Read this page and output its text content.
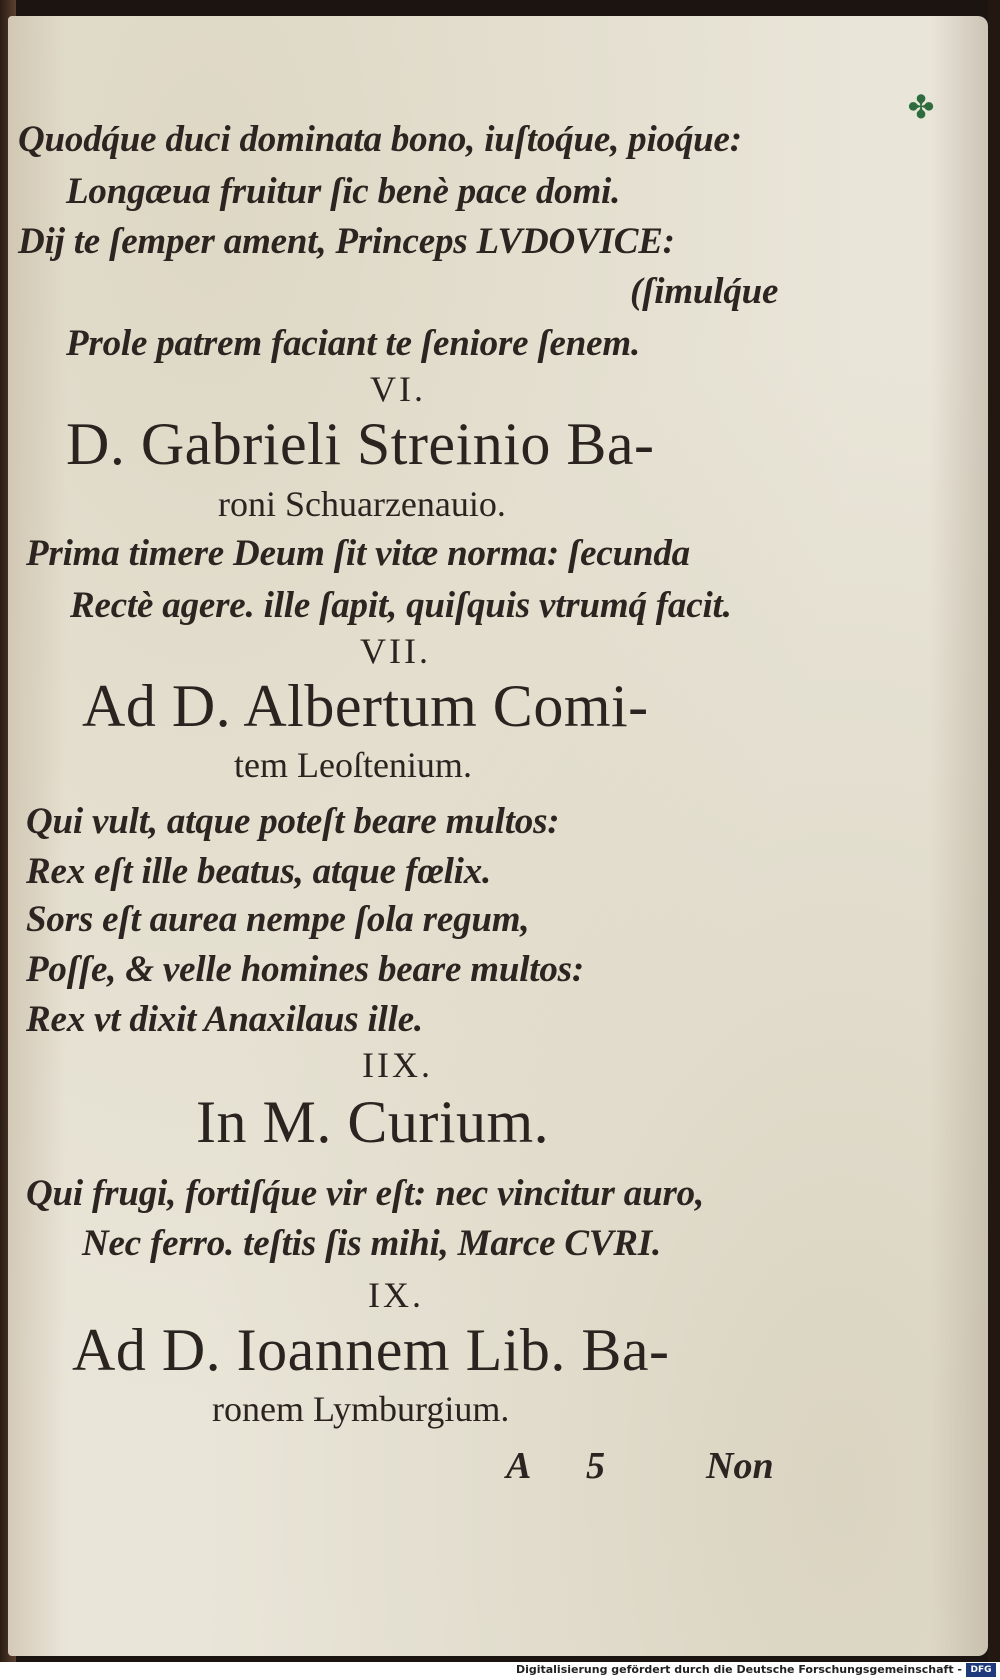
✤
Quodq́ue duci dominata bono, iuſtoq́ue, pioq́ue:
Longæua fruitur ſic benè pace domi.
Dij te ſemper ament, Princeps LVDOVICE:
(ſimulq́ue
Prole patrem faciant te ſeniore ſenem.
VI.
D. Gabrieli Streinio Ba-
roni Schuarzenauio.
Prima timere Deum ſit vitæ norma: ſecunda
Rectè agere. ille ſapit, quiſquis vtrumq́ facit.
VII.
Ad D. Albertum Comi-
tem Leoſtenium.
Qui vult, atque poteſt beare multos:
Rex eſt ille beatus, atque fœlix.
Sors eſt aurea nempe ſola regum,
Poſſe, & velle homines beare multos:
Rex vt dixit Anaxilaus ille.
IIX.
In M. Curium.
Qui frugi, fortiſq́ue vir eſt: nec vincitur auro,
Nec ferro. teſtis ſis mihi, Marce CVRI.
IX.
Ad D. Ioannem Lib. Ba-
ronem Lymburgium.
A 5	Non
Digitalisierung gefördert durch die Deutsche Forschungsgemeinschaft - DFG
